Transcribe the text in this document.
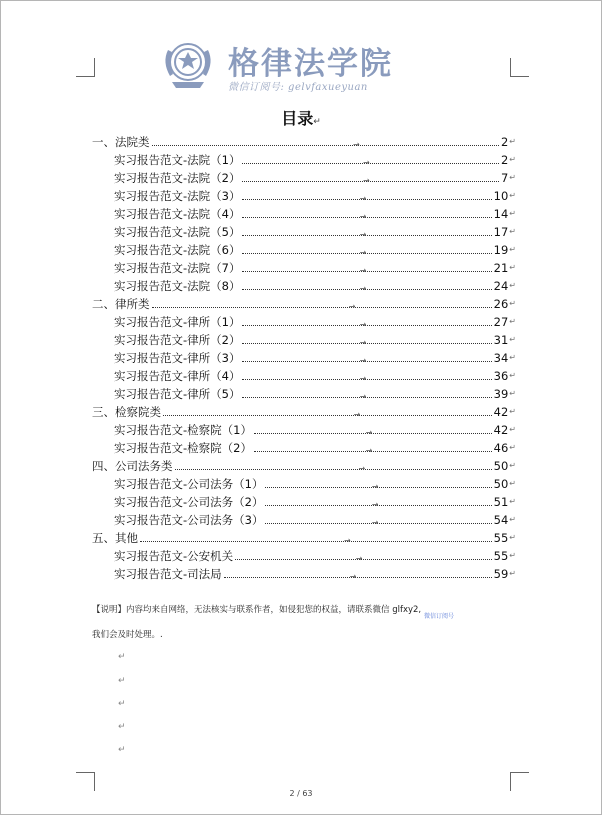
格律法学院
微信订阅号: gelvfaxueyuan
目录↵
一、法院类	→	2 ↵
实习报告范文-法院（1）	→	2 ↵
实习报告范文-法院（2）	→	7 ↵
实习报告范文-法院（3）	→	10 ↵
实习报告范文-法院（4）	→	14 ↵
实习报告范文-法院（5）	→	17 ↵
实习报告范文-法院（6）	→	19 ↵
实习报告范文-法院（7）	→	21 ↵
实习报告范文-法院（8）	→	24 ↵
二、律所类	→	26 ↵
实习报告范文-律所（1）	→	27 ↵
实习报告范文-律所（2）	→	31 ↵
实习报告范文-律所（3）	→	34 ↵
实习报告范文-律所（4）	→	36 ↵
实习报告范文-律所（5）	→	39 ↵
三、检察院类	→	42 ↵
实习报告范文-检察院（1）	→	42 ↵
实习报告范文-检察院（2）	→	46 ↵
四、公司法务类	→	50 ↵
实习报告范文-公司法务（1）	→	50 ↵
实习报告范文-公司法务（2）	→	51 ↵
实习报告范文-公司法务（3）	→	54 ↵
五、其他	→	55 ↵
实习报告范文-公安机关	→	55 ↵
实习报告范文-司法局	→	59 ↵
【说明】内容均来自网络，无法核实与联系作者，如侵犯您的权益，请联系微信 glfxy2,
微信订阅号
我们会及时处理。.
↵
↵
↵
↵
↵
2 / 63
